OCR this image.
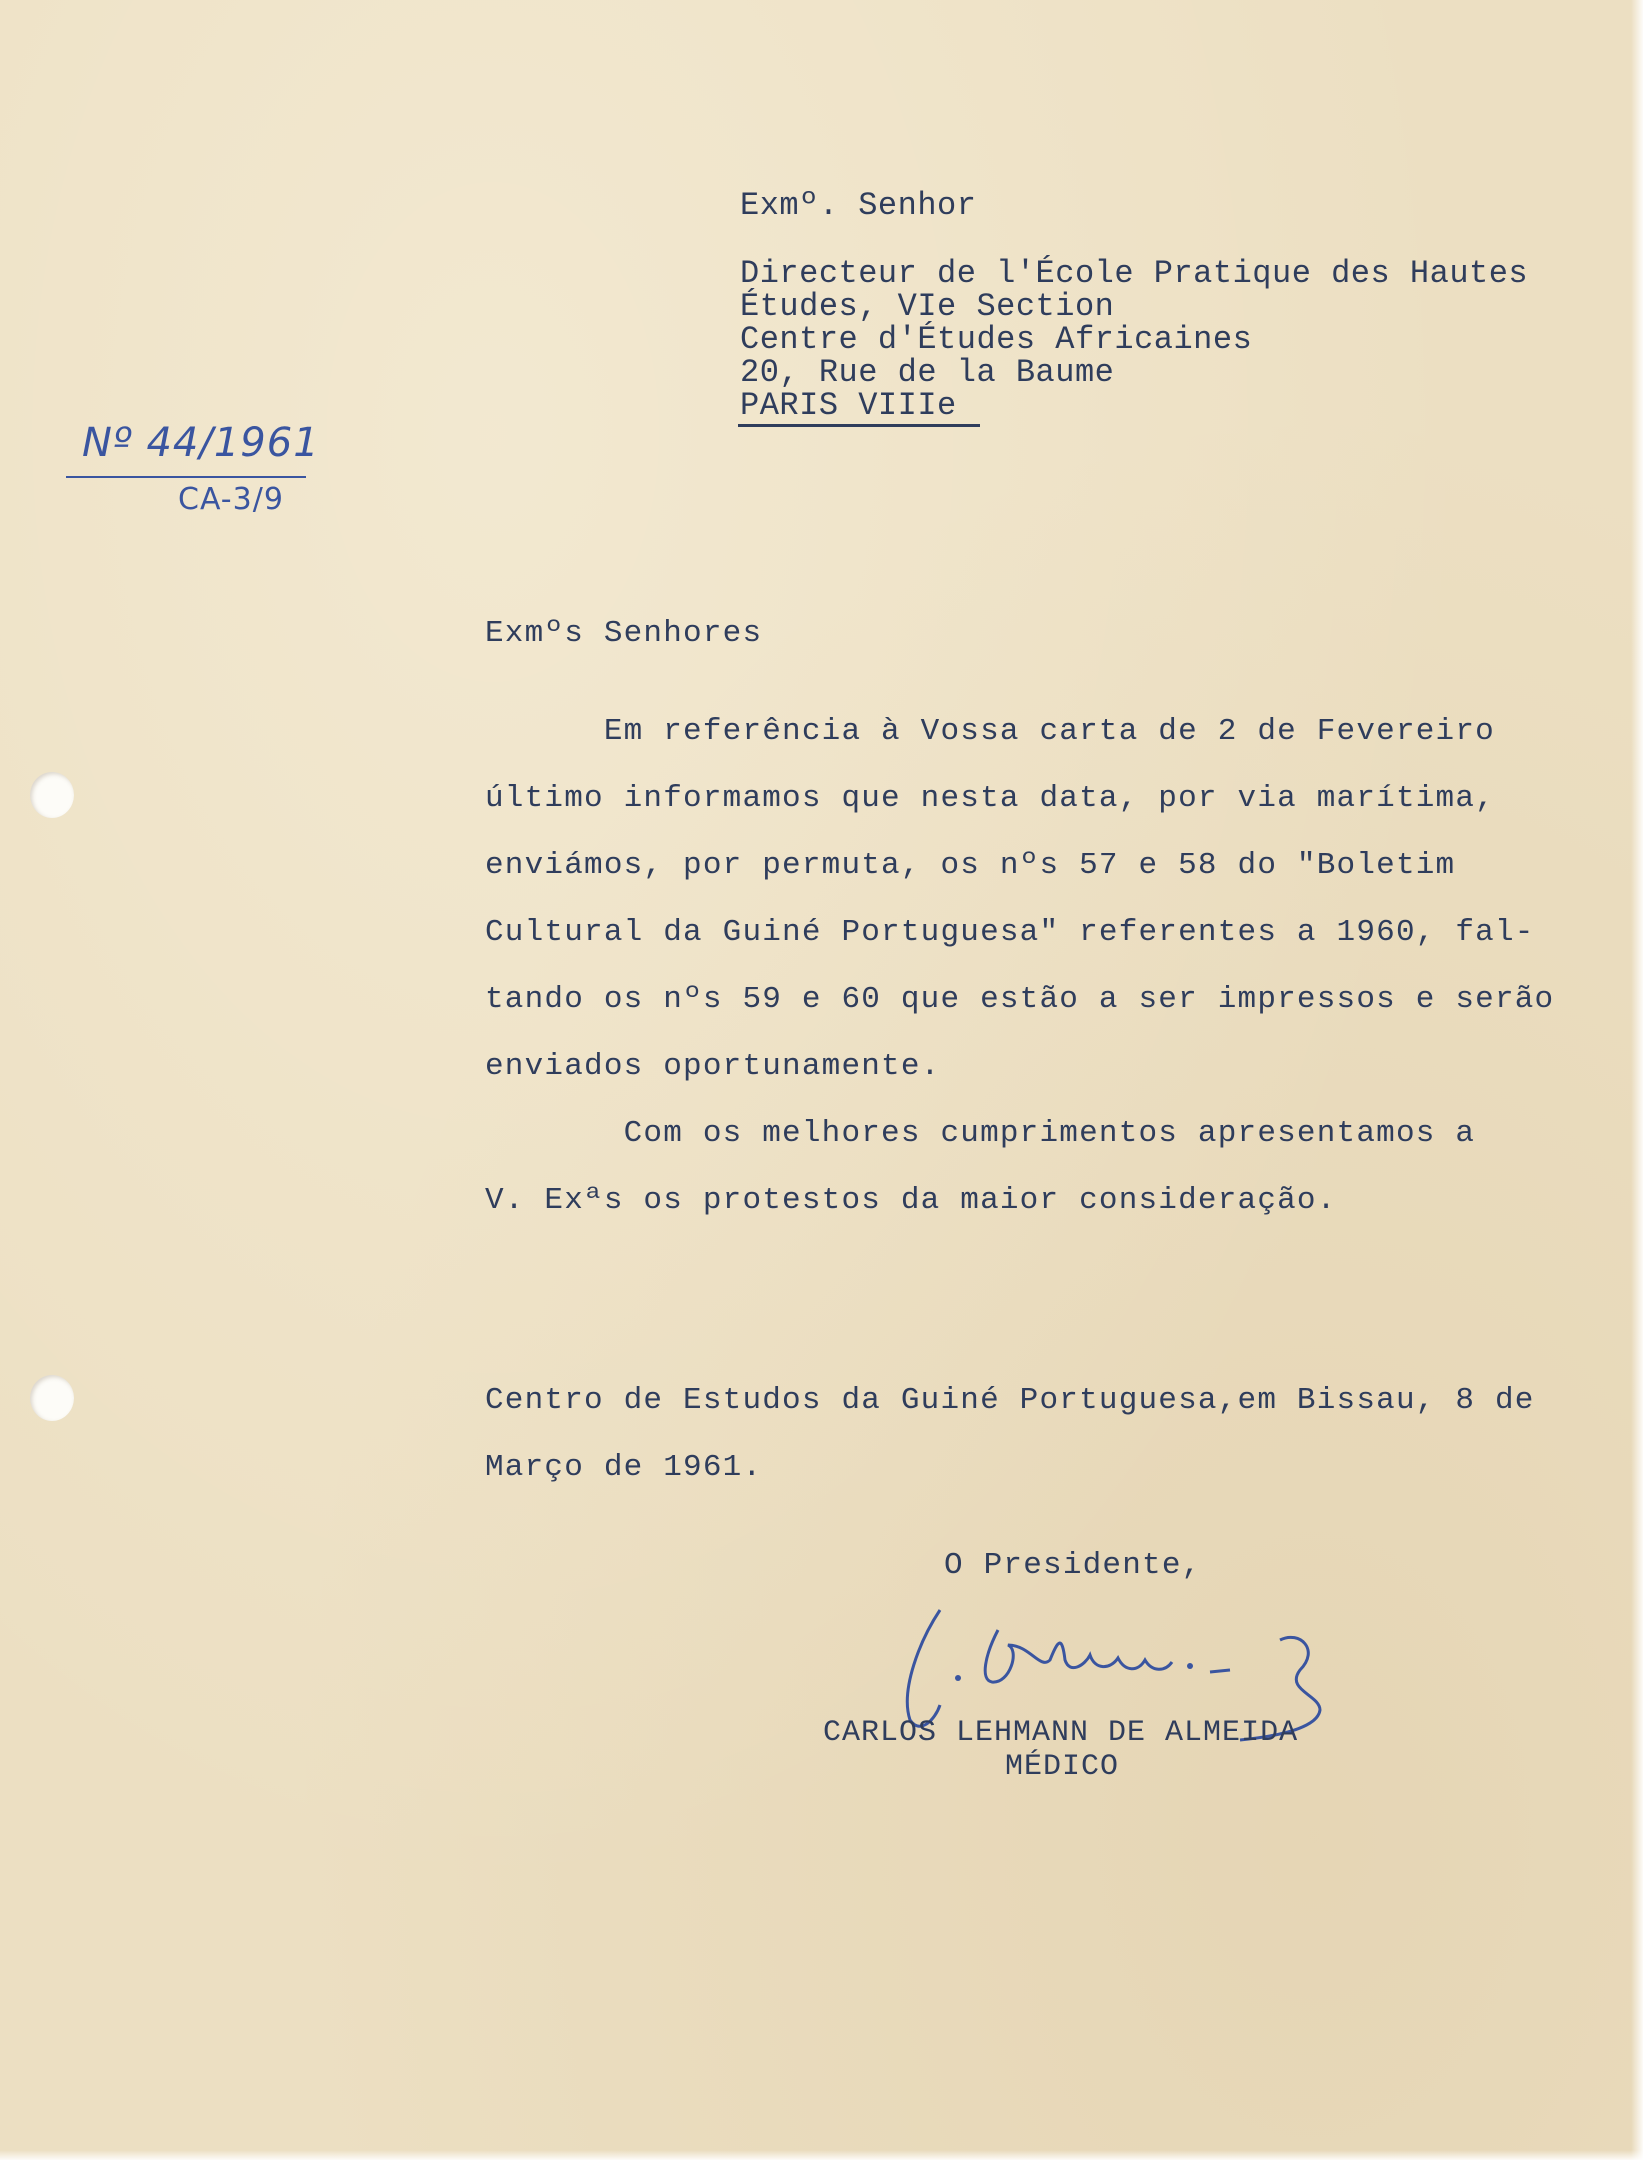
Exmº. Senhor
Directeur de l'École Pratique des Hautes
Études, VIe Section
Centre d'Études Africaines
20, Rue de la Baume
PARIS VIIIe
Nº 44/1961
CA-3/9
Exmºs Senhores
Em referência à Vossa carta de 2 de Fevereiro
último informamos que nesta data, por via marítima,
enviámos, por permuta, os nºs 57 e 58 do "Boletim
Cultural da Guiné Portuguesa" referentes a 1960, fal-
tando os nºs 59 e 60 que estão a ser impressos e serão
enviados oportunamente.
Com os melhores cumprimentos apresentamos a
V. Exªs os protestos da maior consideração.
Centro de Estudos da Guiné Portuguesa,em Bissau, 8 de
Março de 1961.
O Presidente,
CARLOS LEHMANN DE ALMEIDA
MÉDICO
